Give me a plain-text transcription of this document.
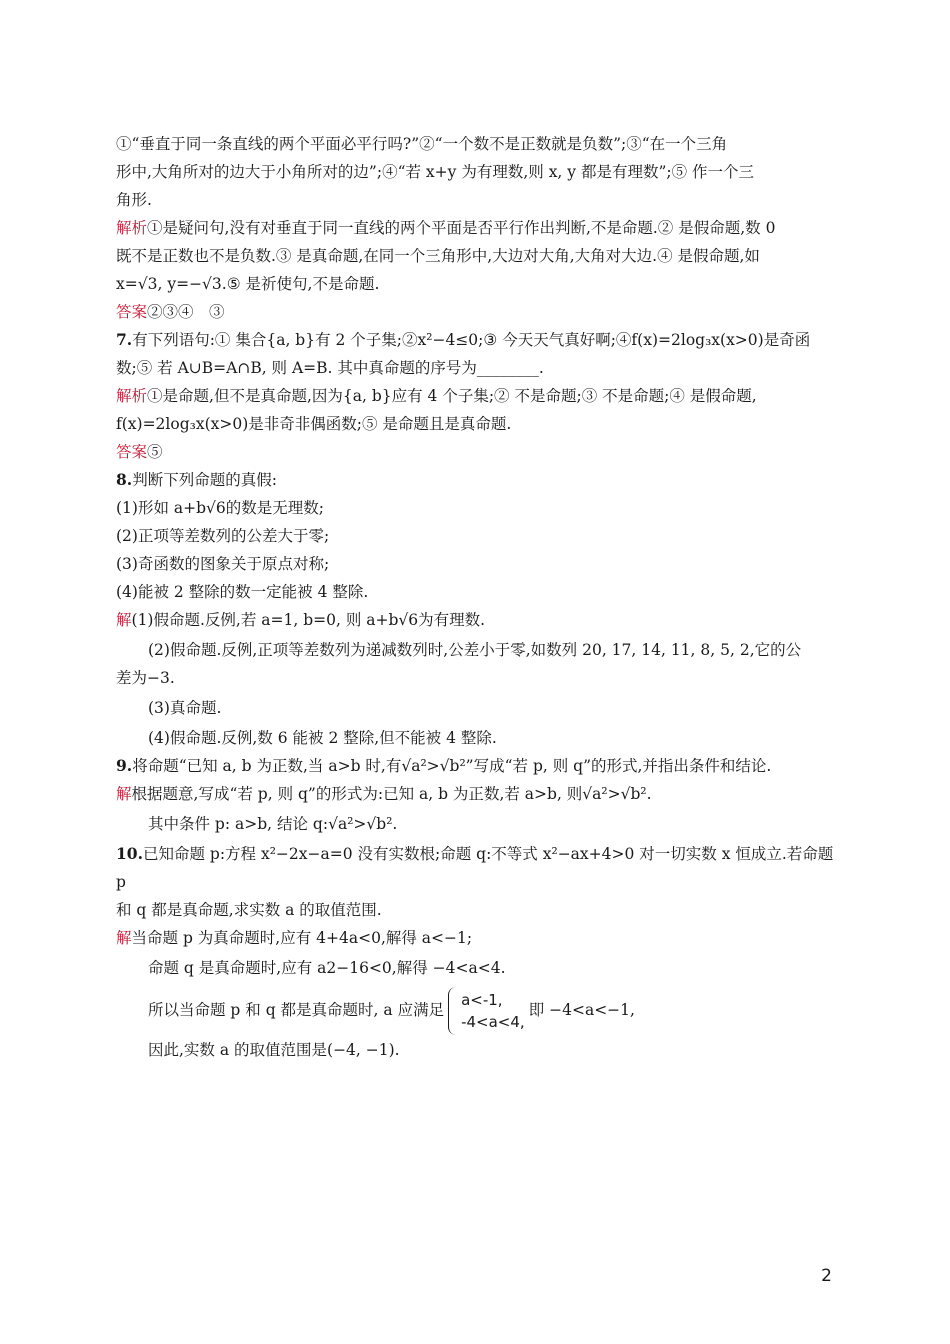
①“垂直于同一条直线的两个平面必平行吗?”②“一个数不是正数就是负数”;③“在一个三角

形中,大角所对的边大于小角所对的边”;④“若 x+y 为有理数,则 x, y 都是有理数”;⑤ 作一个三

角形.

解析①是疑问句,没有对垂直于同一直线的两个平面是否平行作出判断,不是命题.② 是假命题,数 0

既不是正数也不是负数.③ 是真命题,在同一个三角形中,大边对大角,大角对大边.④ 是假命题,如

x=√3, y=−√3.⑤ 是祈使句,不是命题.

答案②③④　③

7.有下列语句:① 集合{a, b}有 2 个子集;②x²−4≤0;③ 今天天气真好啊;④f(x)=2log₃x(x>0)是奇函

数;⑤ 若 A∪B=A∩B, 则 A=B. 其中真命题的序号为________.

解析①是命题,但不是真命题,因为{a, b}应有 4 个子集;② 不是命题;③ 不是命题;④ 是假命题,

f(x)=2log₃x(x>0)是非奇非偶函数;⑤ 是命题且是真命题.

答案⑤

8.判断下列命题的真假:

(1)形如 a+b√6的数是无理数;

(2)正项等差数列的公差大于零;

(3)奇函数的图象关于原点对称;

(4)能被 2 整除的数一定能被 4 整除.

解(1)假命题.反例,若 a=1, b=0, 则 a+b√6为有理数.

(2)假命题.反例,正项等差数列为递减数列时,公差小于零,如数列 20, 17, 14, 11, 8, 5, 2,它的公

差为−3.

(3)真命题.

(4)假命题.反例,数 6 能被 2 整除,但不能被 4 整除.

9.将命题“已知 a, b 为正数,当 a>b 时,有√a²>√b²”写成“若 p, 则 q”的形式,并指出条件和结论.

解根据题意,写成“若 p, 则 q”的形式为:已知 a, b 为正数,若 a>b, 则√a²>√b².

其中条件 p: a>b, 结论 q:√a²>√b².

10.已知命题 p:方程 x²−2x−a=0 没有实数根;命题 q:不等式 x²−ax+4>0 对一切实数 x 恒成立.若命题 p

和 q 都是真命题,求实数 a 的取值范围.

解当命题 p 为真命题时,应有 4+4a<0,解得 a<−1;

命题 q 是真命题时,应有 a2−16<0,解得 −4<a<4.

所以当命题 p 和 q 都是真命题时, a 应满足
a<-1,
-4<a<4,
即 −4<a<−1,

因此,实数 a 的取值范围是(−4, −1).

2
